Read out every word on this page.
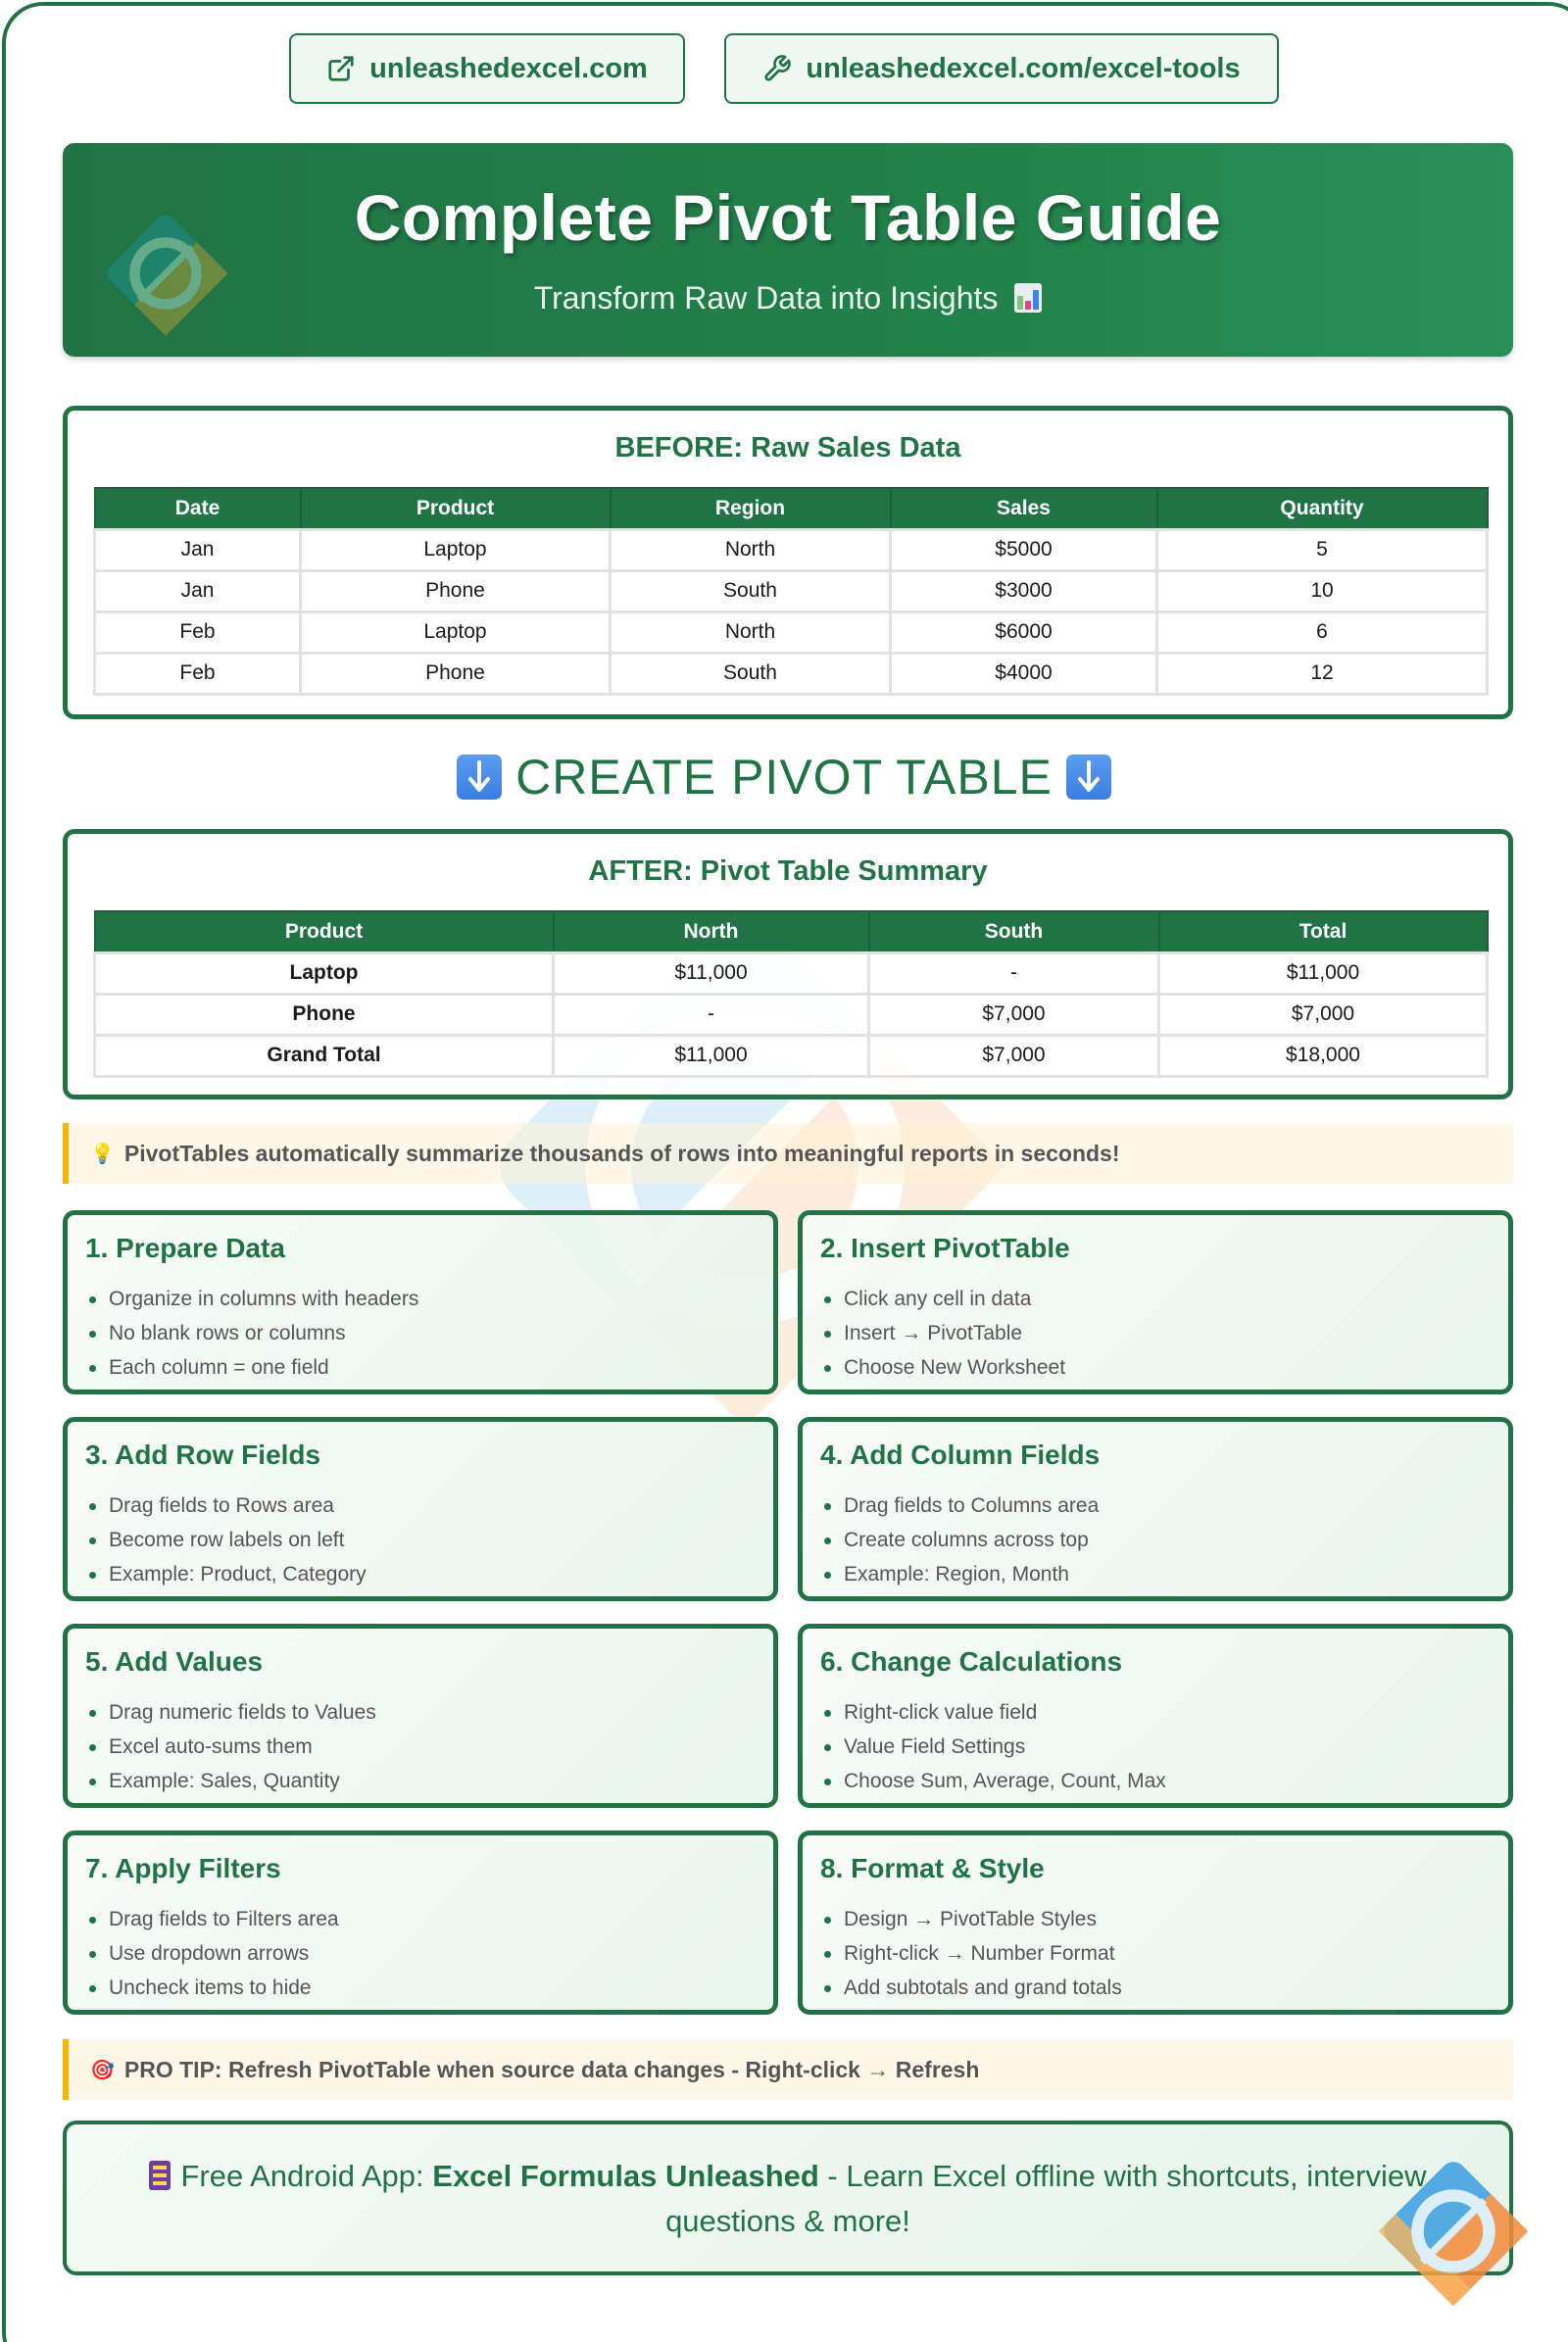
unleashedexcel.com	unleashedexcel.com/excel-tools
Complete Pivot Table Guide
Transform Raw Data into Insights
BEFORE: Raw Sales Data
Date	Product	Region	Sales	Quantity
Jan	Laptop	North	$5000	5
Jan	Phone	South	$3000	10
Feb	Laptop	North	$6000	6
Feb	Phone	South	$4000	12
CREATE PIVOT TABLE
AFTER: Pivot Table Summary
Product	North	South	Total
Laptop	$11,000	-	$11,000
Phone	-	$7,000	$7,000
Grand Total	$11,000	$7,000	$18,000
💡 PivotTables automatically summarize thousands of rows into meaningful reports in seconds!
1. Prepare Data
Organize in columns with headers
No blank rows or columns
Each column = one field
2. Insert PivotTable
Click any cell in data
Insert → PivotTable
Choose New Worksheet
3. Add Row Fields
Drag fields to Rows area
Become row labels on left
Example: Product, Category
4. Add Column Fields
Drag fields to Columns area
Create columns across top
Example: Region, Month
5. Add Values
Drag numeric fields to Values
Excel auto-sums them
Example: Sales, Quantity
6. Change Calculations
Right-click value field
Value Field Settings
Choose Sum, Average, Count, Max
7. Apply Filters
Drag fields to Filters area
Use dropdown arrows
Uncheck items to hide
8. Format & Style
Design → PivotTable Styles
Right-click → Number Format
Add subtotals and grand totals
🎯 PRO TIP: Refresh PivotTable when source data changes - Right-click → Refresh
Free Android App: Excel Formulas Unleashed - Learn Excel offline with shortcuts, interview questions & more!
